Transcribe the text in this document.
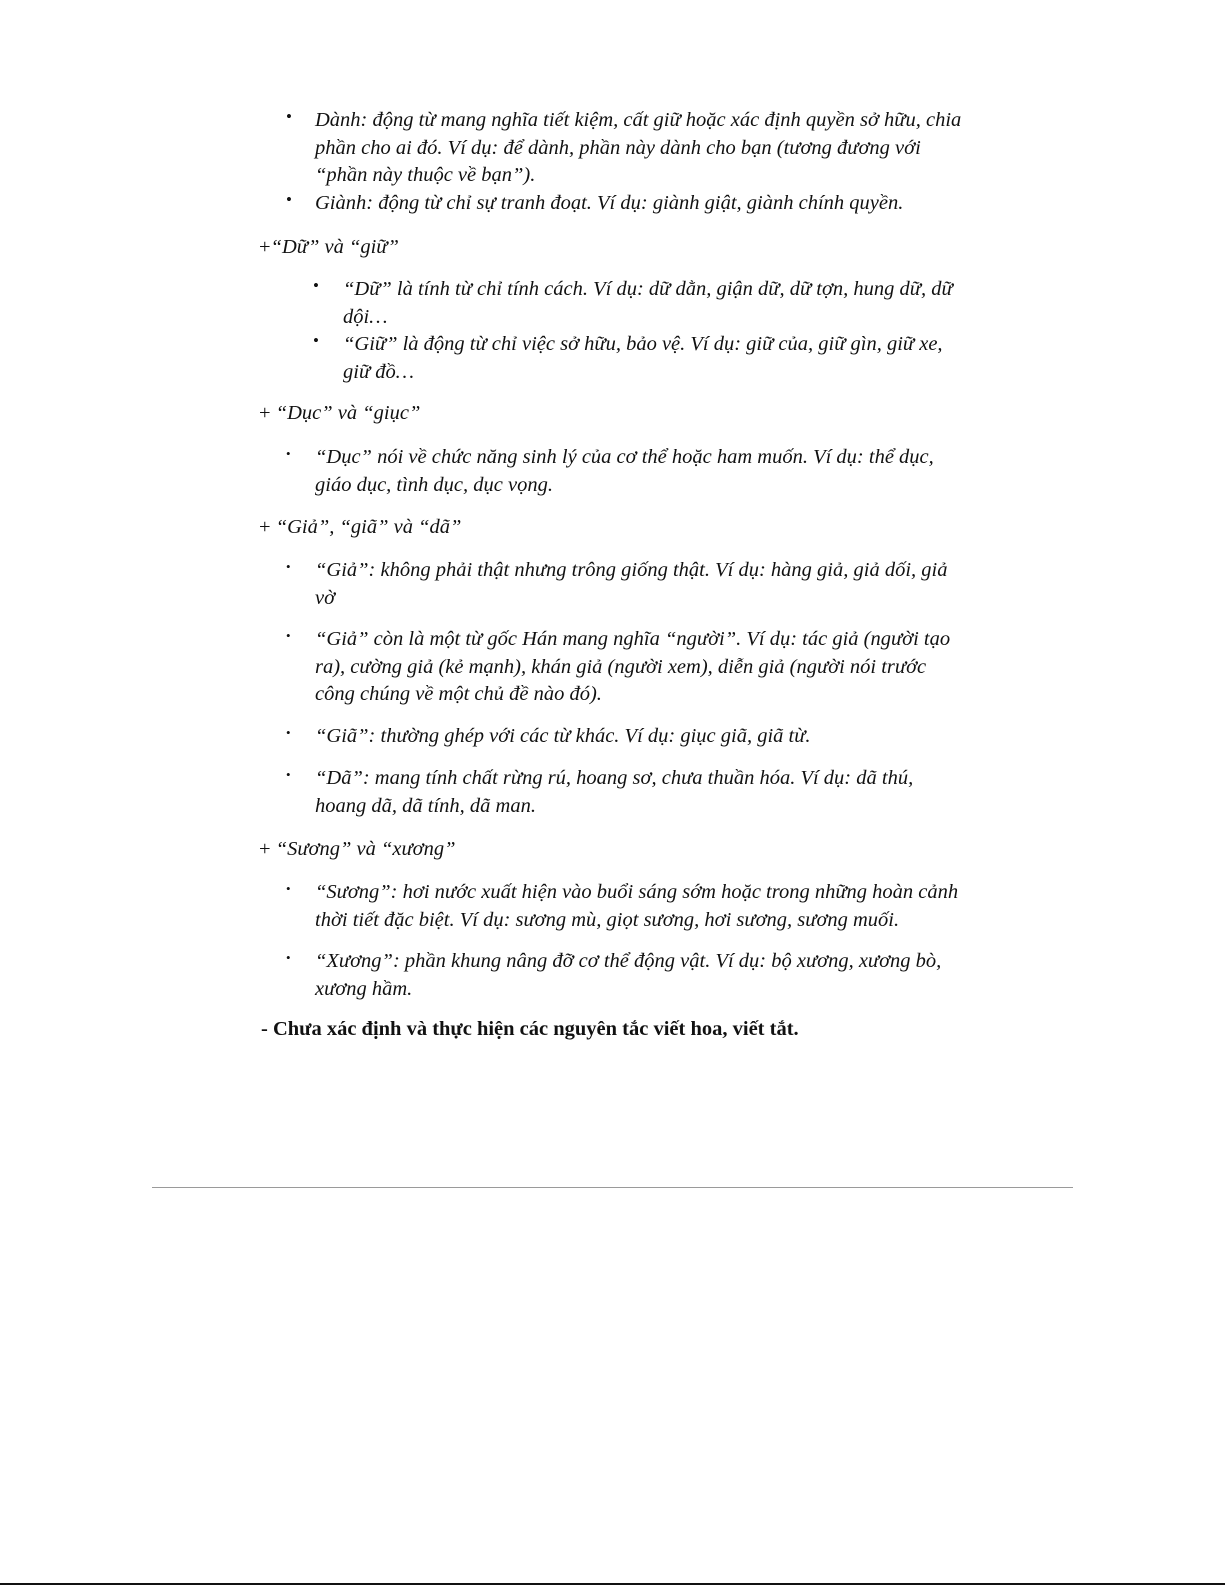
• Dành: động từ mang nghĩa tiết kiệm, cất giữ hoặc xác định quyền sở hữu, chia phần cho ai đó. Ví dụ: để dành, phần này dành cho bạn (tương đương với “phần này thuộc về bạn”).

• Giành: động từ chỉ sự tranh đoạt. Ví dụ: giành giật, giành chính quyền.

+“Dữ” và “giữ”

• “Dữ” là tính từ chỉ tính cách. Ví dụ: dữ dằn, giận dữ, dữ tợn, hung dữ, dữ dội…

• “Giữ” là động từ chỉ việc sở hữu, bảo vệ. Ví dụ: giữ của, giữ gìn, giữ xe, giữ đồ…

+ “Dục” và “giục”

• “Dục” nói về chức năng sinh lý của cơ thể hoặc ham muốn. Ví dụ: thể dục, giáo dục, tình dục, dục vọng.

+ “Giả”, “giã” và “dã”

• “Giả”: không phải thật nhưng trông giống thật. Ví dụ: hàng giả, giả dối, giả vờ

• “Giả” còn là một từ gốc Hán mang nghĩa “người”. Ví dụ: tác giả (người tạo ra), cường giả (kẻ mạnh), khán giả (người xem), diễn giả (người nói trước công chúng về một chủ đề nào đó).

• “Giã”: thường ghép với các từ khác. Ví dụ: giục giã, giã từ.

• “Dã”: mang tính chất rừng rú, hoang sơ, chưa thuần hóa. Ví dụ: dã thú, hoang dã, dã tính, dã man.

+ “Sương” và “xương”

• “Sương”: hơi nước xuất hiện vào buổi sáng sớm hoặc trong những hoàn cảnh thời tiết đặc biệt. Ví dụ: sương mù, giọt sương, hơi sương, sương muối.

• “Xương”: phần khung nâng đỡ cơ thể động vật. Ví dụ: bộ xương, xương bò, xương hầm.

- Chưa xác định và thực hiện các nguyên tắc viết hoa, viết tắt.
